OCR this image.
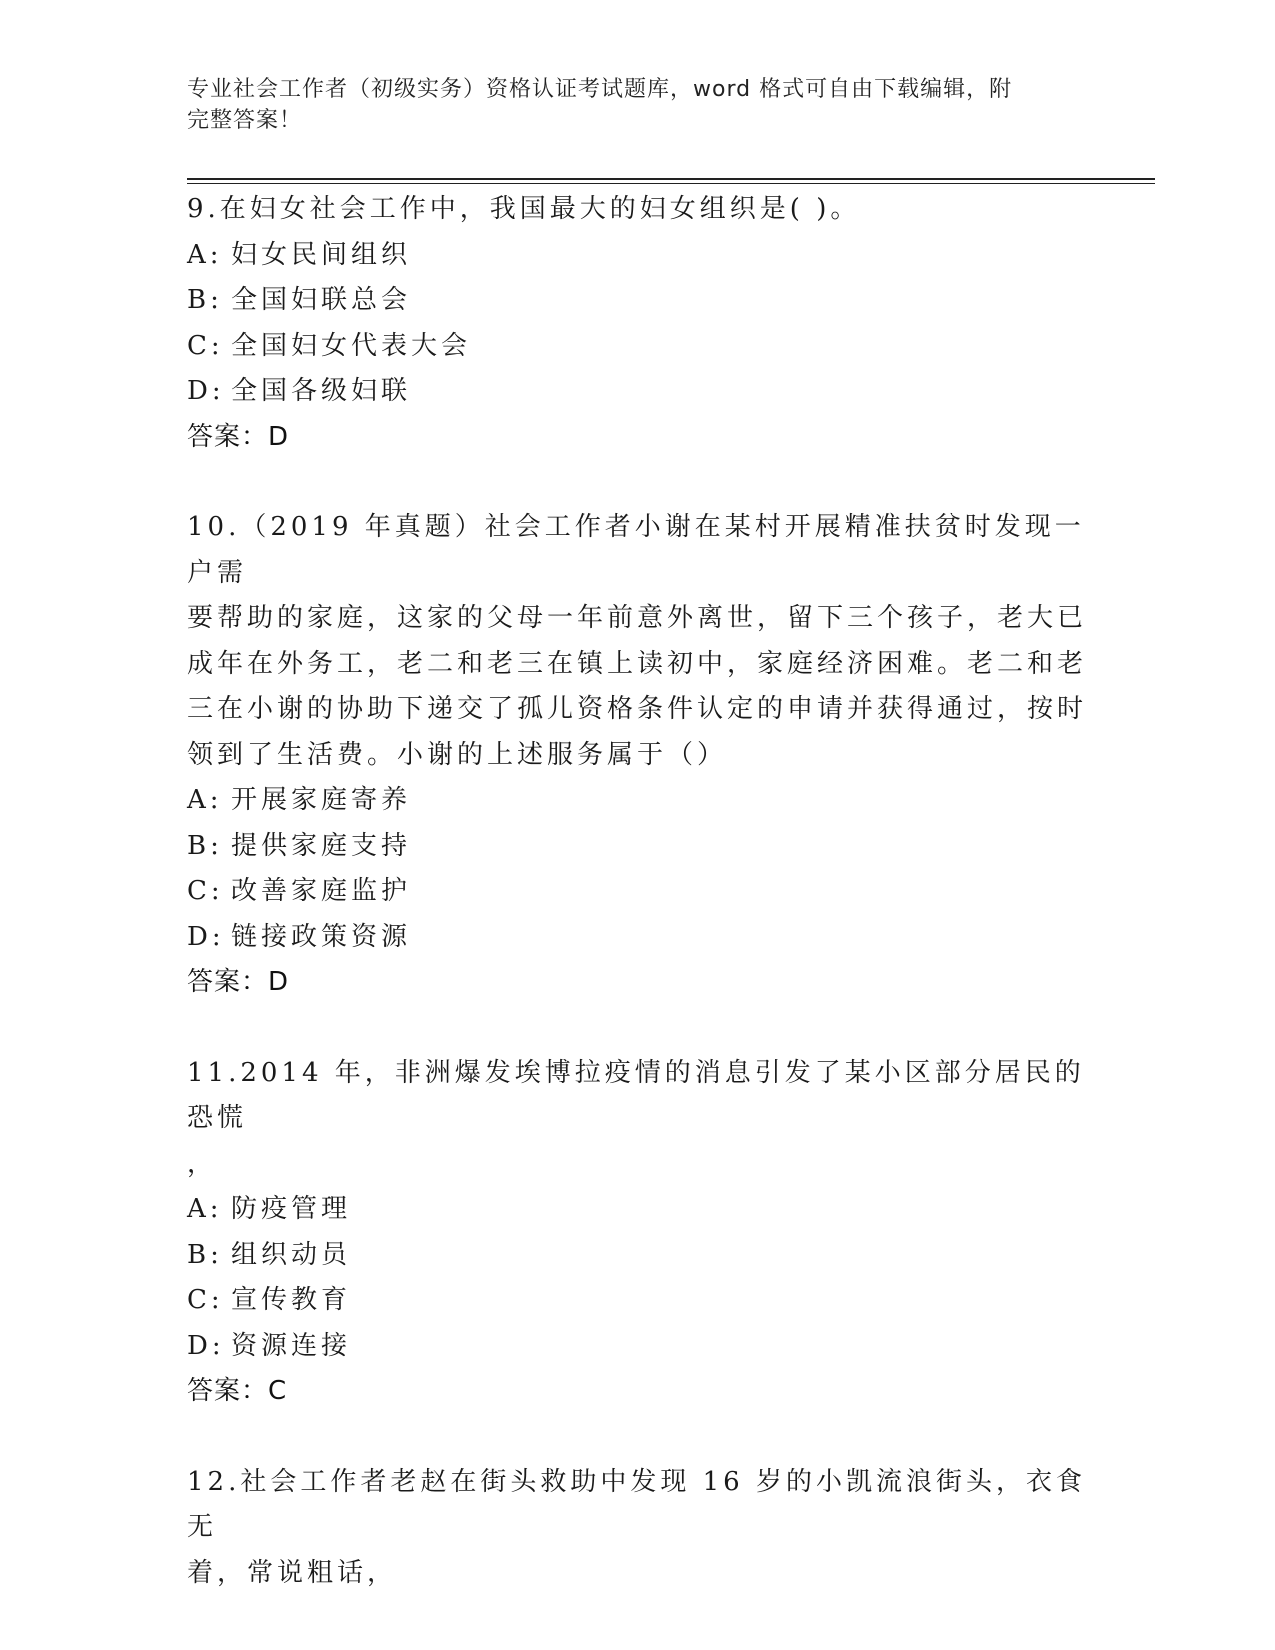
专业社会工作者（初级实务）资格认证考试题库，word 格式可自由下载编辑，附
完整答案！
9.在妇女社会工作中，我国最大的妇女组织是( )。
A: 妇女民间组织
B: 全国妇联总会
C: 全国妇女代表大会
D: 全国各级妇联
答案：D
10.（2019 年真题）社会工作者小谢在某村开展精准扶贫时发现一户需
要帮助的家庭，这家的父母一年前意外离世，留下三个孩子，老大已
成年在外务工，老二和老三在镇上读初中，家庭经济困难。老二和老
三在小谢的协助下递交了孤儿资格条件认定的申请并获得通过，按时
领到了生活费。小谢的上述服务属于（）
A: 开展家庭寄养
B: 提供家庭支持
C: 改善家庭监护
D: 链接政策资源
答案：D
11.2014 年，非洲爆发埃博拉疫情的消息引发了某小区部分居民的恐慌
，
A: 防疫管理
B: 组织动员
C: 宣传教育
D: 资源连接
答案：C
12.社会工作者老赵在街头救助中发现 16 岁的小凯流浪街头，衣食无
着，常说粗话，
